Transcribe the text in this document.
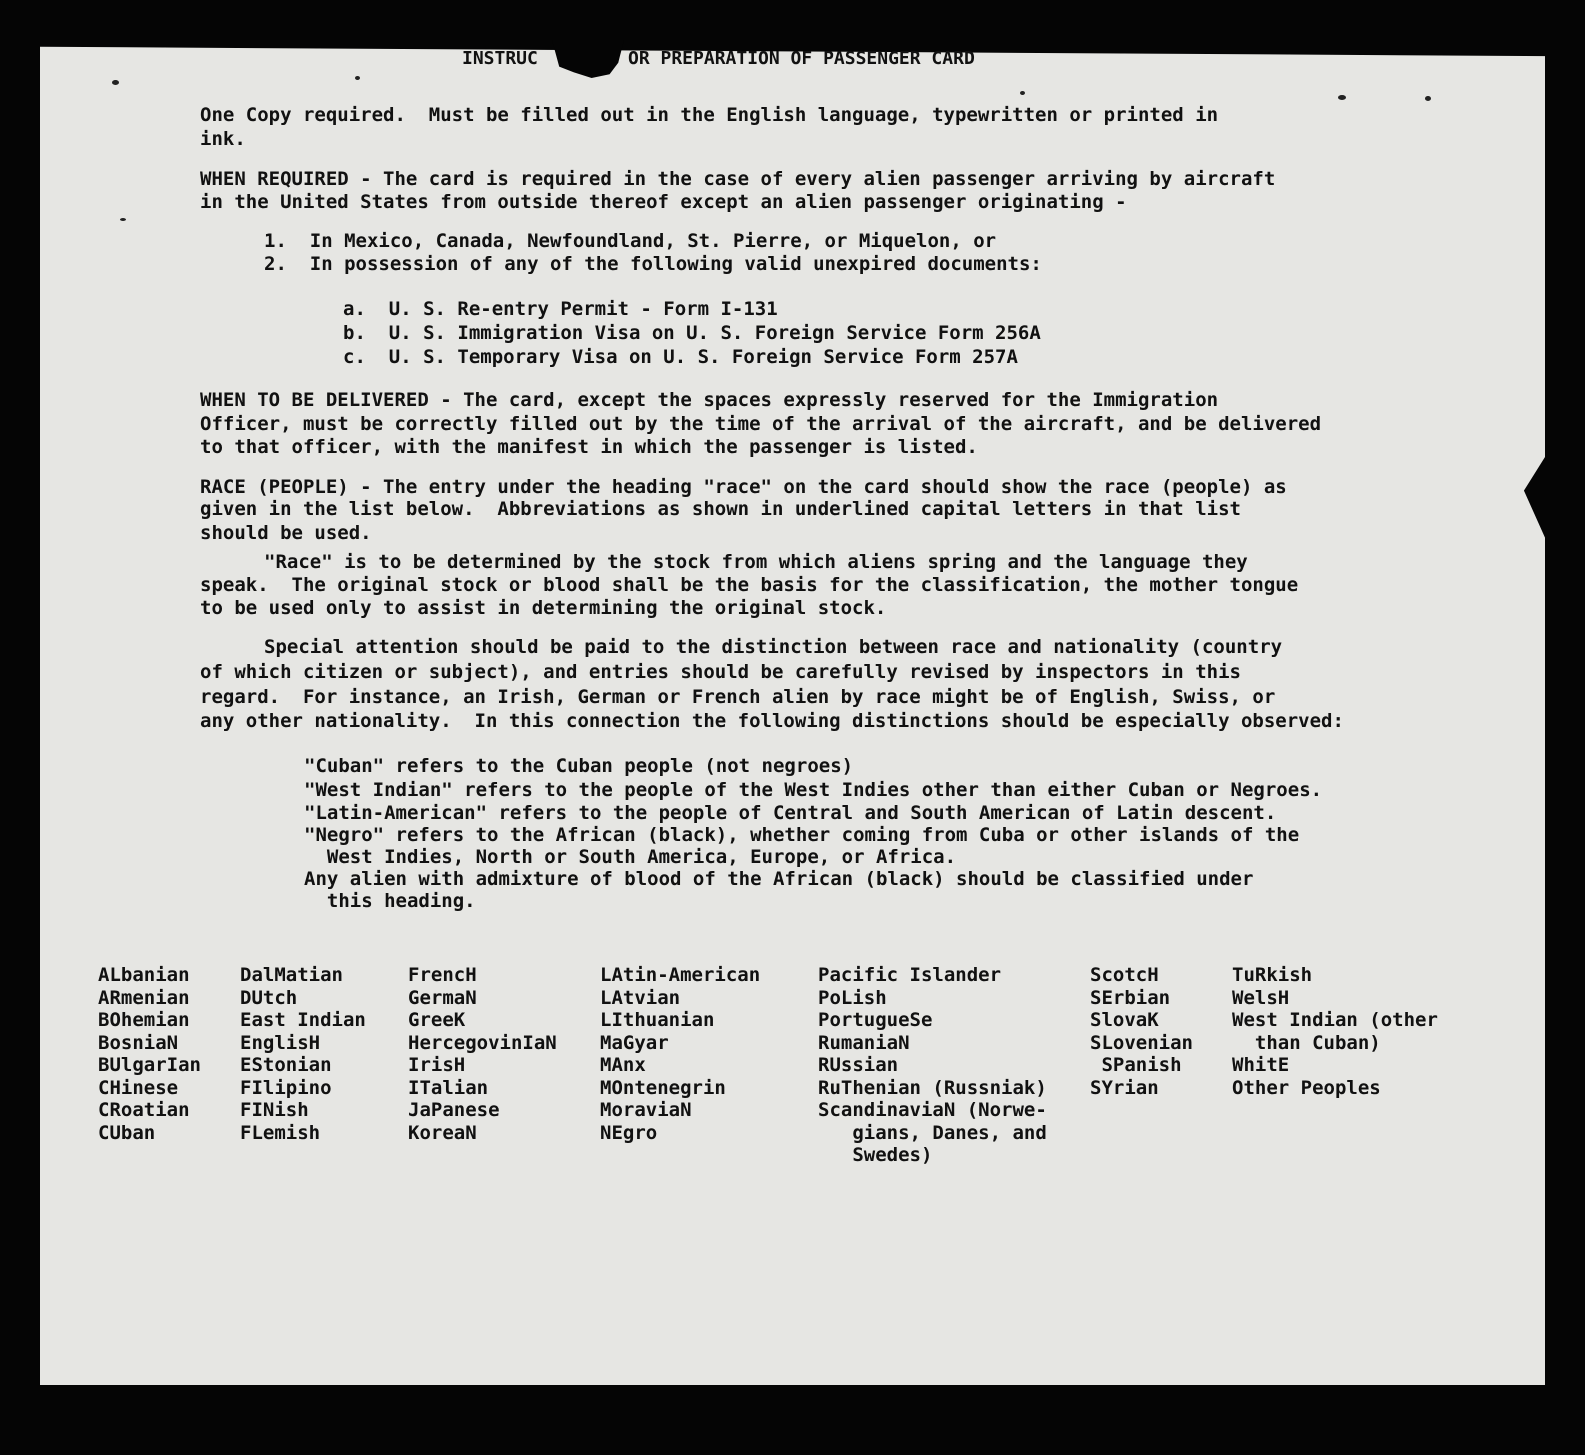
INSTRUC	OR PREPARATION OF PASSENGER CARD
One Copy required.  Must be filled out in the English language, typewritten or printed in
ink.
WHEN REQUIRED - The card is required in the case of every alien passenger arriving by aircraft
in the United States from outside thereof except an alien passenger originating -
1.  In Mexico, Canada, Newfoundland, St. Pierre, or Miquelon, or
2.  In possession of any of the following valid unexpired documents:
a.  U. S. Re-entry Permit - Form I-131
b.  U. S. Immigration Visa on U. S. Foreign Service Form 256A
c.  U. S. Temporary Visa on U. S. Foreign Service Form 257A
WHEN TO BE DELIVERED - The card, except the spaces expressly reserved for the Immigration
Officer, must be correctly filled out by the time of the arrival of the aircraft, and be delivered
to that officer, with the manifest in which the passenger is listed.
RACE (PEOPLE) - The entry under the heading "race" on the card should show the race (people) as
given in the list below.  Abbreviations as shown in underlined capital letters in that list
should be used.
"Race" is to be determined by the stock from which aliens spring and the language they
speak.  The original stock or blood shall be the basis for the classification, the mother tongue
to be used only to assist in determining the original stock.
Special attention should be paid to the distinction between race and nationality (country
of which citizen or subject), and entries should be carefully revised by inspectors in this
regard.  For instance, an Irish, German or French alien by race might be of English, Swiss, or
any other nationality.  In this connection the following distinctions should be especially observed:
"Cuban" refers to the Cuban people (not negroes)
"West Indian" refers to the people of the West Indies other than either Cuban or Negroes.
"Latin-American" refers to the people of Central and South American of Latin descent.
"Negro" refers to the African (black), whether coming from Cuba or other islands of the
West Indies, North or South America, Europe, or Africa.
Any alien with admixture of blood of the African (black) should be classified under
this heading.
ALbanian
ARmenian
BOhemian
BosniaN
BUlgarIan
CHinese
CRoatian
CUban
DalMatian
DUtch
East Indian
EnglisH
EStonian
FIlipino
FINish
FLemish
FrencH
GermaN
GreeK
HercegovinIaN
IrisH
ITalian
JaPanese
KoreaN
LAtin-American
LAtvian
LIthuanian
MaGyar
MAnx
MOntenegrin
MoraviaN
NEgro
Pacific Islander
PoLish
PortugueSe
RumaniaN
RUssian
RuThenian (Russniak)
ScandinaviaN (Norwe-
gians, Danes, and
Swedes)
ScotcH
SErbian
SlovaK
SLovenian
SPanish
SYrian
TuRkish
WelsH
West Indian (other
than Cuban)
WhitE
Other Peoples
